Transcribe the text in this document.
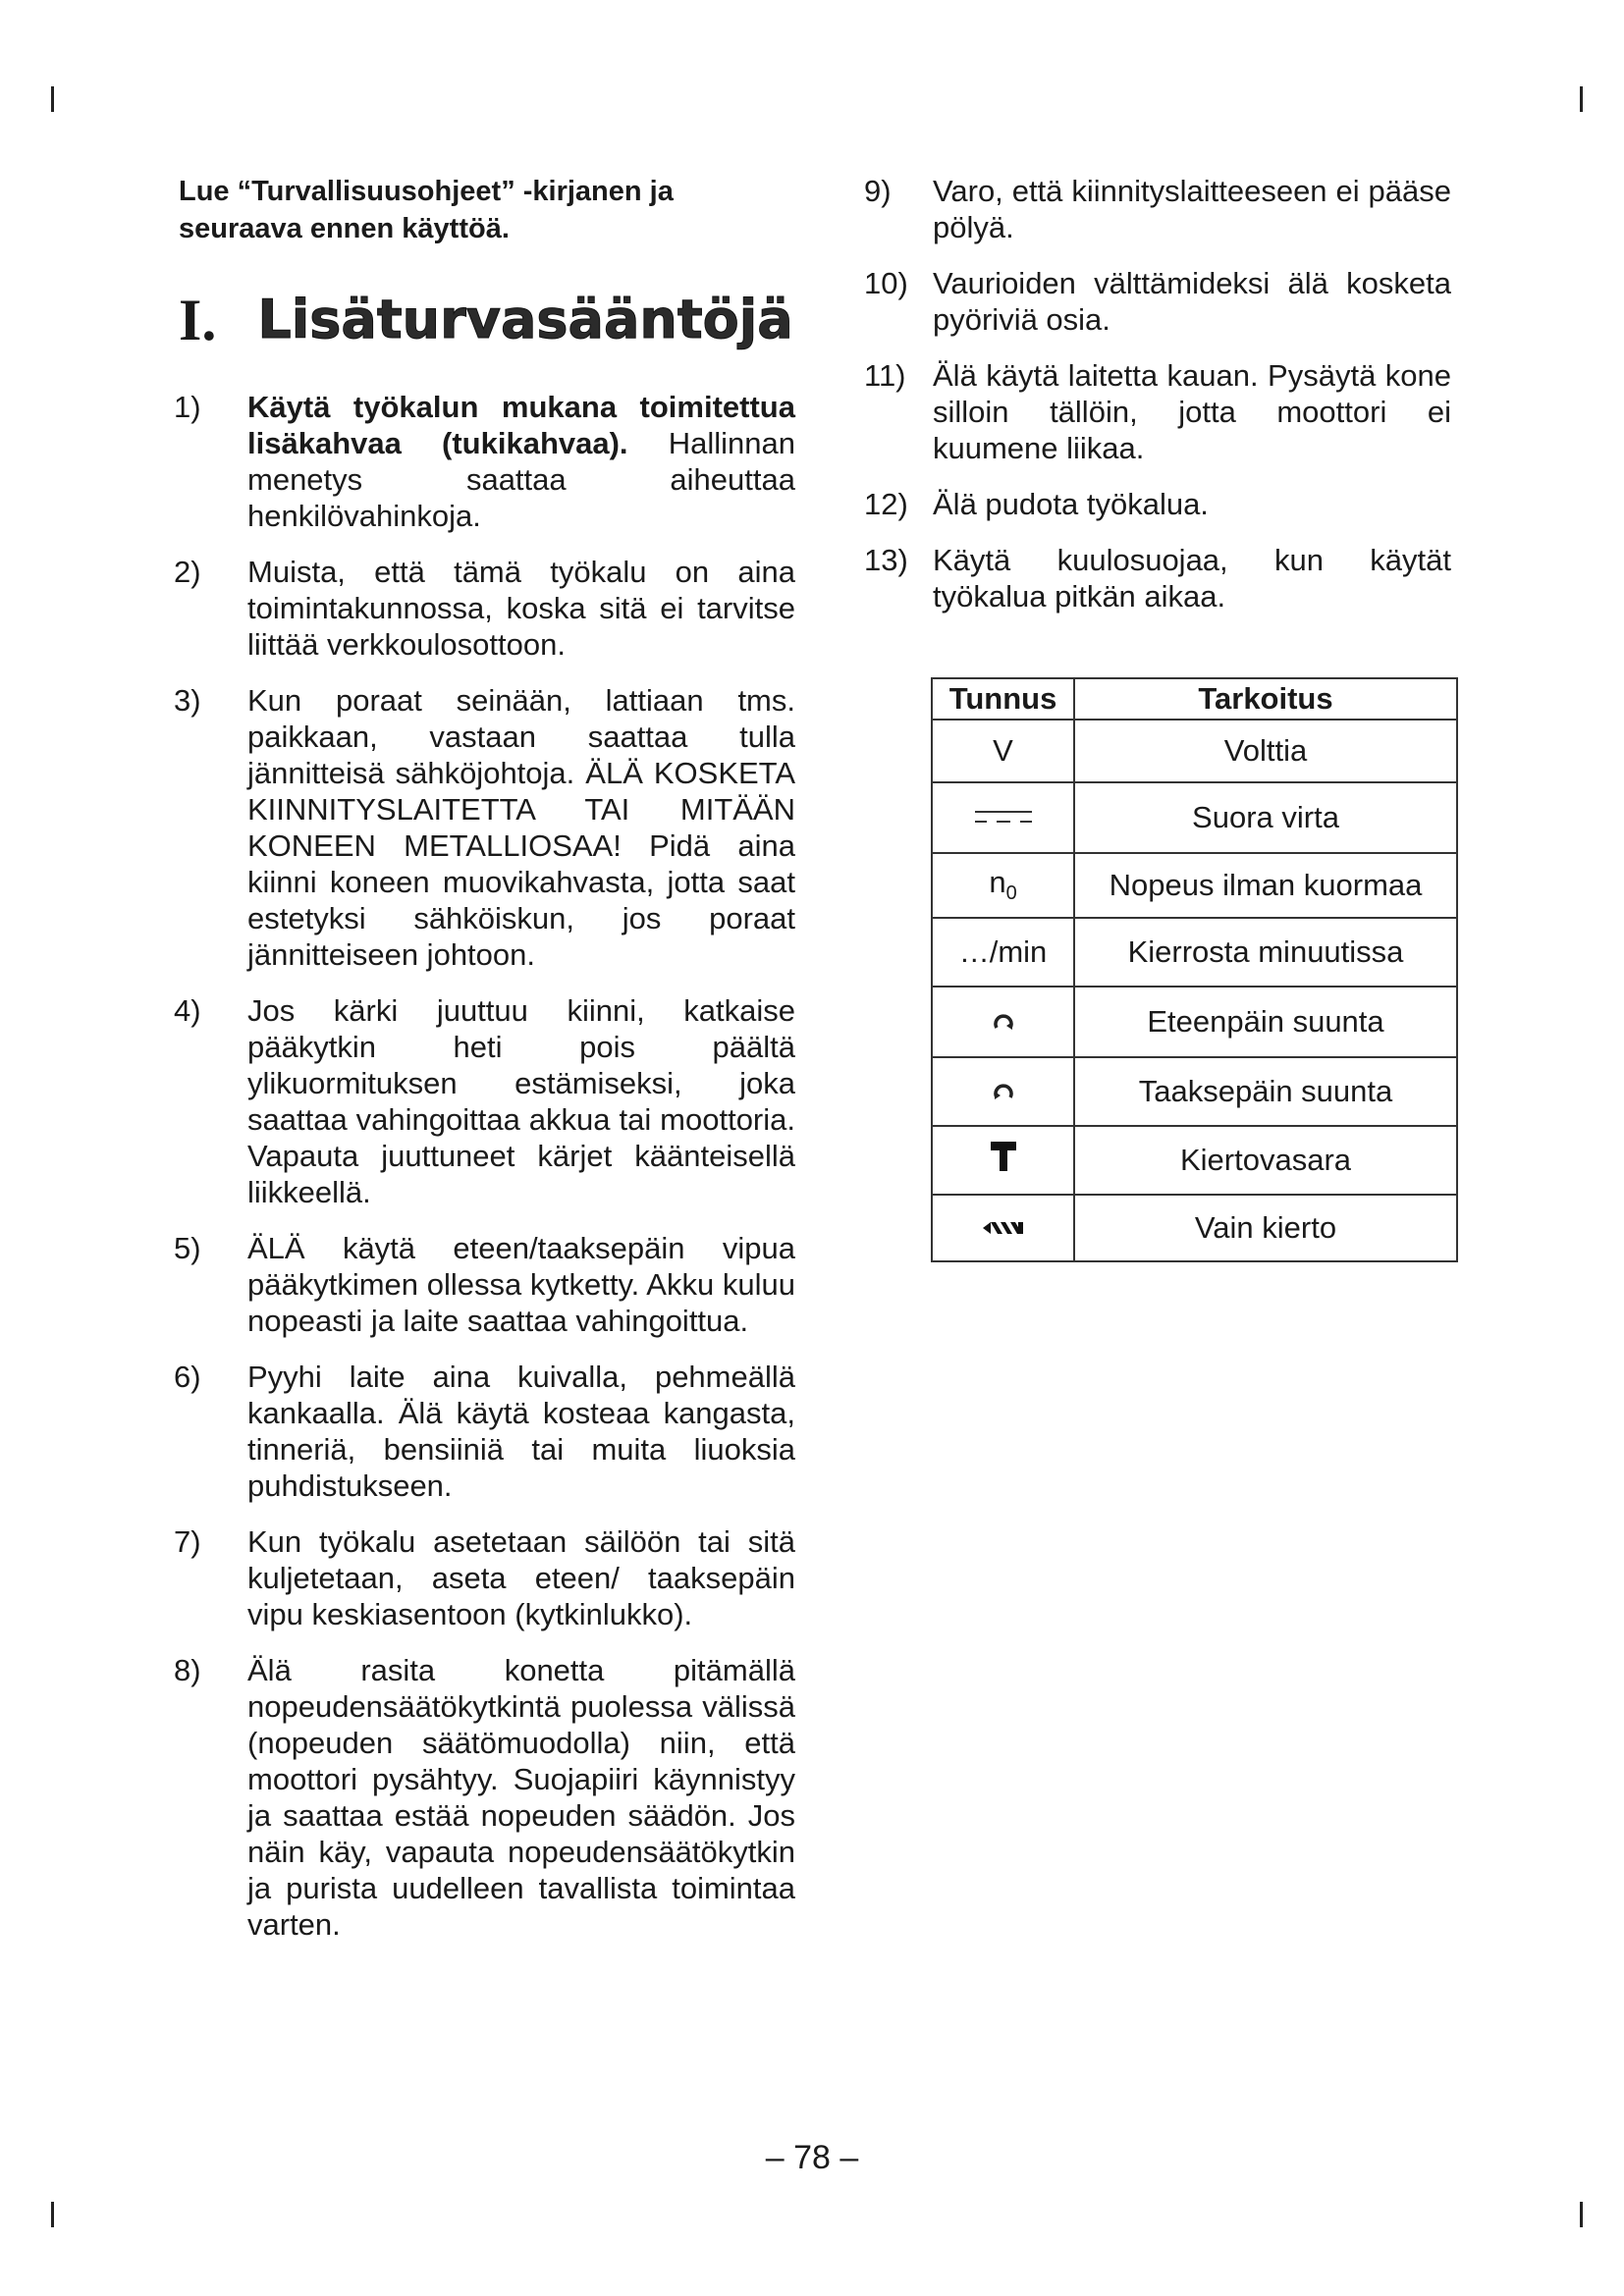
Lue “Turvallisuusohjeet” -kirjanen ja seuraava ennen käyttöä.

I. Lisäturvasääntöjä
1) Käytä työkalun mukana toimitettua lisäkahvaa (tukikahvaa). Hallinnan menetys saattaa aiheuttaa henkilövahinkoja.
2) Muista, että tämä työkalu on aina toimintakunnossa, koska sitä ei tarvitse liittää verkkoulosottoon.
3) Kun poraat seinään, lattiaan tms. paikkaan, vastaan saattaa tulla jännitteisä sähköjohtoja. ÄLÄ KOSKETA KIINNITYSLAITETTA TAI MITÄÄN KONEEN METALLIOSAA! Pidä aina kiinni koneen muovikahvasta, jotta saat estetyksi sähköiskun, jos poraat jännitteiseen johtoon.
4) Jos kärki juuttuu kiinni, katkaise pääkytkin heti pois päältä ylikuormituksen estämiseksi, joka saattaa vahingoittaa akkua tai moottoria. Vapauta juuttuneet kärjet käänteisellä liikkeellä.
5) ÄLÄ käytä eteen/taaksepäin vipua pääkytkimen ollessa kytketty. Akku kuluu nopeasti ja laite saattaa vahingoittua.
6) Pyyhi laite aina kuivalla, pehmeällä kankaalla. Älä käytä kosteaa kangasta, tinneriä, bensiiniä tai muita liuoksia puhdistukseen.
7) Kun työkalu asetetaan säilöön tai sitä kuljetetaan, aseta eteen/ taaksepäin vipu keskiasentoon (kytkinlukko).
8) Älä rasita konetta pitämällä nopeudensäätökytkintä puolessa välissä (nopeuden säätömuodolla) niin, että moottori pysähtyy. Suojapiiri käynnistyy ja saattaa estää nopeuden säädön. Jos näin käy, vapauta nopeudensäätökytkin ja purista uudelleen tavallista toimintaa varten.
9) Varo, että kiinnityslaitteeseen ei pääse pölyä.
10) Vaurioiden välttämideksi älä kosketa pyöriviä osia.
11) Älä käytä laitetta kauan. Pysäytä kone silloin tällöin, jotta moottori ei kuumene liikaa.
12) Älä pudota työkalua.
13) Käytä kuulosuojaa, kun käytät työkalua pitkän aikaa.
Tunnus	Tarkoitus
V	Volttia
	Suora virta
$n_0$	Nopeus ilman kuormaa
…/min	Kierrosta minuutissa
	Eteenpäin suunta
	Taaksepäin suunta
	Kiertovasara
	Vain kierto
– 78 –
